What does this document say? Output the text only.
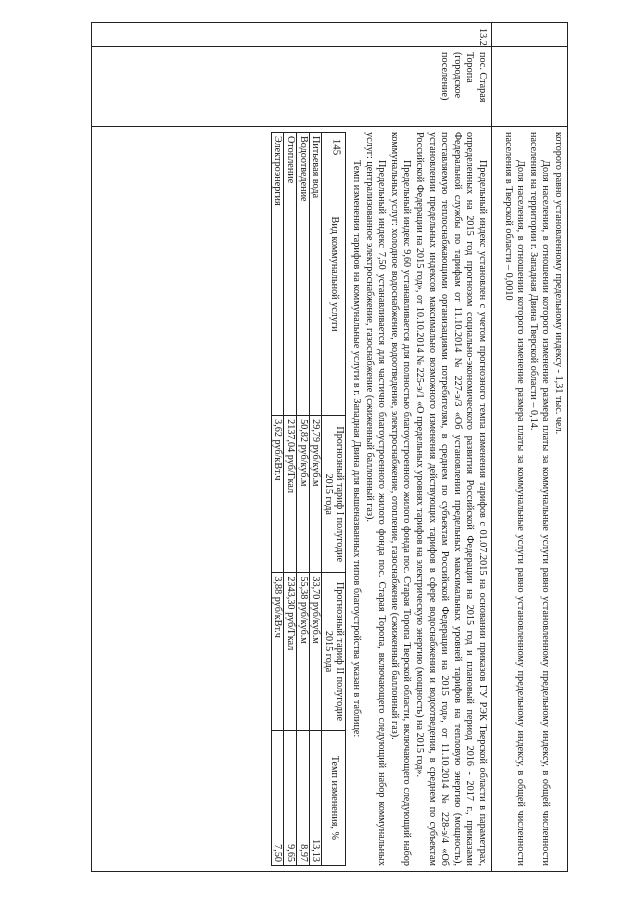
145
			которого равно установленному предельному индексу - 1,31 тыс. чел.

Доля населения, в отношении которого изменение размера платы за коммунальные услуги равно установленному предельному индексу, в общей численности населения на территории г. Западная Двина Тверской области – 0,14.

Доля населения, в отношении которого изменение размера платы за коммунальные услуги равно установленному предельному индексу, в общей численности населения в Тверской области – 0,0010

13.2	пос. Старая Торопа (городское поселение)	

Предельный индекс установлен с учетом прогнозного темпа изменения тарифов с 01.07.2015 на основании приказов ГУ РЭК Тверской области в параметрах, определенных на 2015 год прогнозом социально-экономического развития Российской Федерации на 2015 год и плановый период 2016 - 2017 г., приказами Федеральной службы по тарифам от 11.10.2014 № 227-э/3 «Об установлении предельных максимальных уровней тарифов на тепловую энергию (мощность), поставляемую теплоснабжающими организациями потребителям, в среднем по субъектам Российской Федерации на 2015 год», от 11.10.2014 № 228-э/4 «Об установлении предельных индексов максимально возможного изменения действующих тарифов в сфере водоснабжения и водоотведения, в среднем по субъектам Российской Федерации на 2015 год», от 10.10.2014 № 225-э/1 «О предельных уровнях тарифов на электрическую энергию (мощность) на 2015 год».

Предельный индекс 9,60 устанавливается для полностью благоустроенного жилого фонда пос. Старая Торопа Тверской области, включающего следующий набор коммунальных услуг: холодное водоснабжение, водоотведение, электроснабжение, отопление, газоснабжение (сжиженный баллонный газ).

Предельный индекс 7,50 устанавливается для частично благоустроенного жилого фонда пос. Старая Торопа, включающего следующий набор коммунальных услуг: централизованное электроснабжение, газоснабжение (сжиженный баллонный газ).

Темп изменения тарифов на коммунальные услуги в г. Западная Двина для вышеназванных типов благоустройства указан в таблице:

Вид коммунальной услуги	Прогнозный тариф I полугодие 2015 года	Прогнозный тариф II полугодие 2015 года	Темп изменения, %
Питьевая вода	29,79 руб/куб.м	33,70 руб/куб.м	13,13
Водоотведение	50,82 руб/куб.м	55,38 руб/куб.м	8,97
Отопление	2137,04 руб/Гкал	2343,30 руб/Гкал	9,65
Электроэнергия	3,62 руб/кВт.ч	3,88 руб/кВт.ч	7,50
